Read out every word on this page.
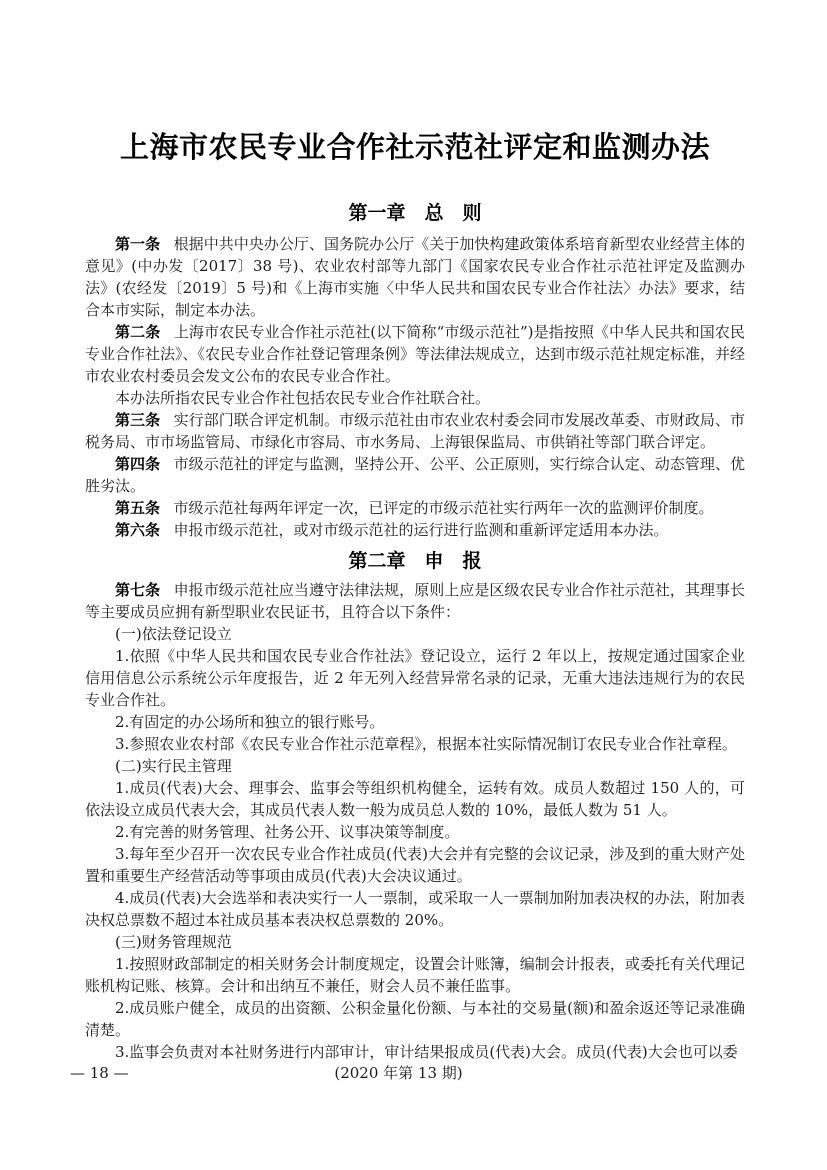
上海市农民专业合作社示范社评定和监测办法
第一章　总　则

第一条 根据中共中央办公厅、国务院办公厅《关于加快构建政策体系培育新型农业经营主体的意见》(中办发〔2017〕38 号)、农业农村部等九部门《国家农民专业合作社示范社评定及监测办法》(农经发〔2019〕5 号)和《上海市实施〈中华人民共和国农民专业合作社法〉办法》要求，结合本市实际，制定本办法。

第二条 上海市农民专业合作社示范社(以下简称“市级示范社”)是指按照《中华人民共和国农民专业合作社法》、《农民专业合作社登记管理条例》等法律法规成立，达到市级示范社规定标准，并经市农业农村委员会发文公布的农民专业合作社。

本办法所指农民专业合作社包括农民专业合作社联合社。

第三条 实行部门联合评定机制。市级示范社由市农业农村委会同市发展改革委、市财政局、市税务局、市市场监管局、市绿化市容局、市水务局、上海银保监局、市供销社等部门联合评定。

第四条 市级示范社的评定与监测，坚持公开、公平、公正原则，实行综合认定、动态管理、优胜劣汰。

第五条 市级示范社每两年评定一次，已评定的市级示范社实行两年一次的监测评价制度。

第六条 申报市级示范社，或对市级示范社的运行进行监测和重新评定适用本办法。

第二章　申　报

第七条 申报市级示范社应当遵守法律法规，原则上应是区级农民专业合作社示范社，其理事长等主要成员应拥有新型职业农民证书，且符合以下条件：

(一)依法登记设立

1.依照《中华人民共和国农民专业合作社法》登记设立，运行 2 年以上，按规定通过国家企业信用信息公示系统公示年度报告，近 2 年无列入经营异常名录的记录，无重大违法违规行为的农民专业合作社。

2.有固定的办公场所和独立的银行账号。

3.参照农业农村部《农民专业合作社示范章程》，根据本社实际情况制订农民专业合作社章程。

(二)实行民主管理

1.成员(代表)大会、理事会、监事会等组织机构健全，运转有效。成员人数超过 150 人的，可依法设立成员代表大会，其成员代表人数一般为成员总人数的 10%，最低人数为 51 人。

2.有完善的财务管理、社务公开、议事决策等制度。

3.每年至少召开一次农民专业合作社成员(代表)大会并有完整的会议记录，涉及到的重大财产处置和重要生产经营活动等事项由成员(代表)大会决议通过。

4.成员(代表)大会选举和表决实行一人一票制，或采取一人一票制加附加表决权的办法，附加表决权总票数不超过本社成员基本表决权总票数的 20%。

(三)财务管理规范

1.按照财政部制定的相关财务会计制度规定，设置会计账簿，编制会计报表，或委托有关代理记账机构记账、核算。会计和出纳互不兼任，财会人员不兼任监事。

2.成员账户健全，成员的出资额、公积金量化份额、与本社的交易量(额)和盈余返还等记录准确清楚。

3.监事会负责对本社财务进行内部审计，审计结果报成员(代表)大会。成员(代表)大会也可以委

— 18 —	(2020 年第 13 期)
